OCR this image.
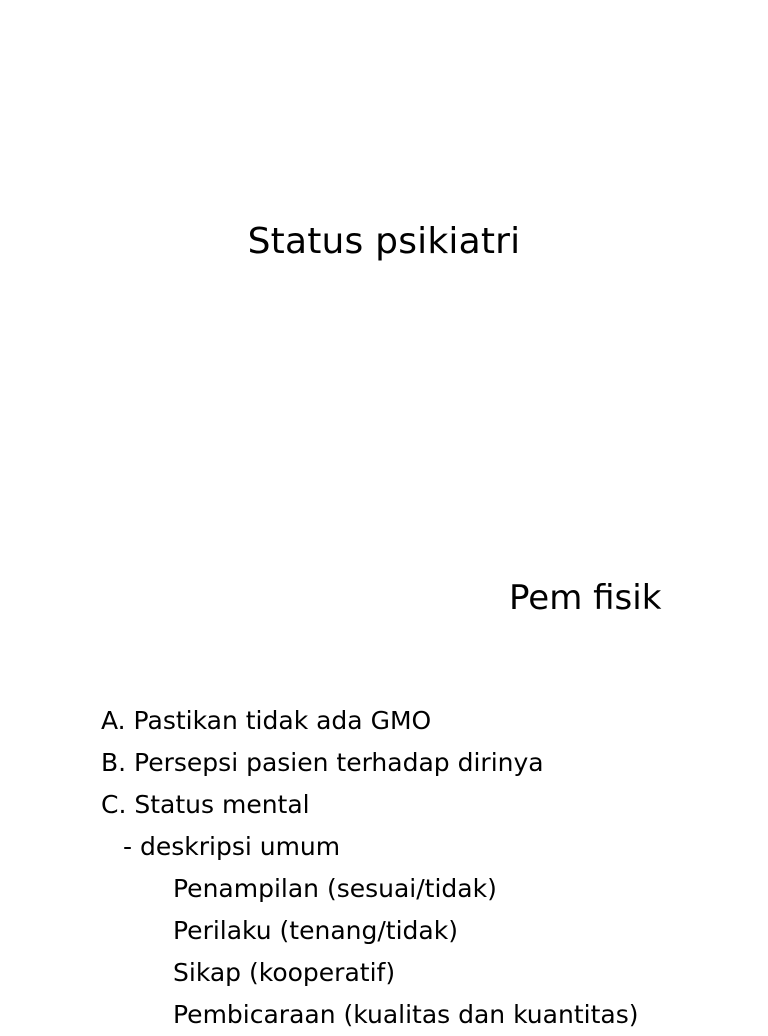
Status psikiatri
Pem fisik
A. Pastikan tidak ada GMO
B. Persepsi pasien terhadap dirinya
C. Status mental
- deskripsi umum
Penampilan (sesuai/tidak)
Perilaku (tenang/tidak)
Sikap (kooperatif)
Pembicaraan (kualitas dan kuantitas)
